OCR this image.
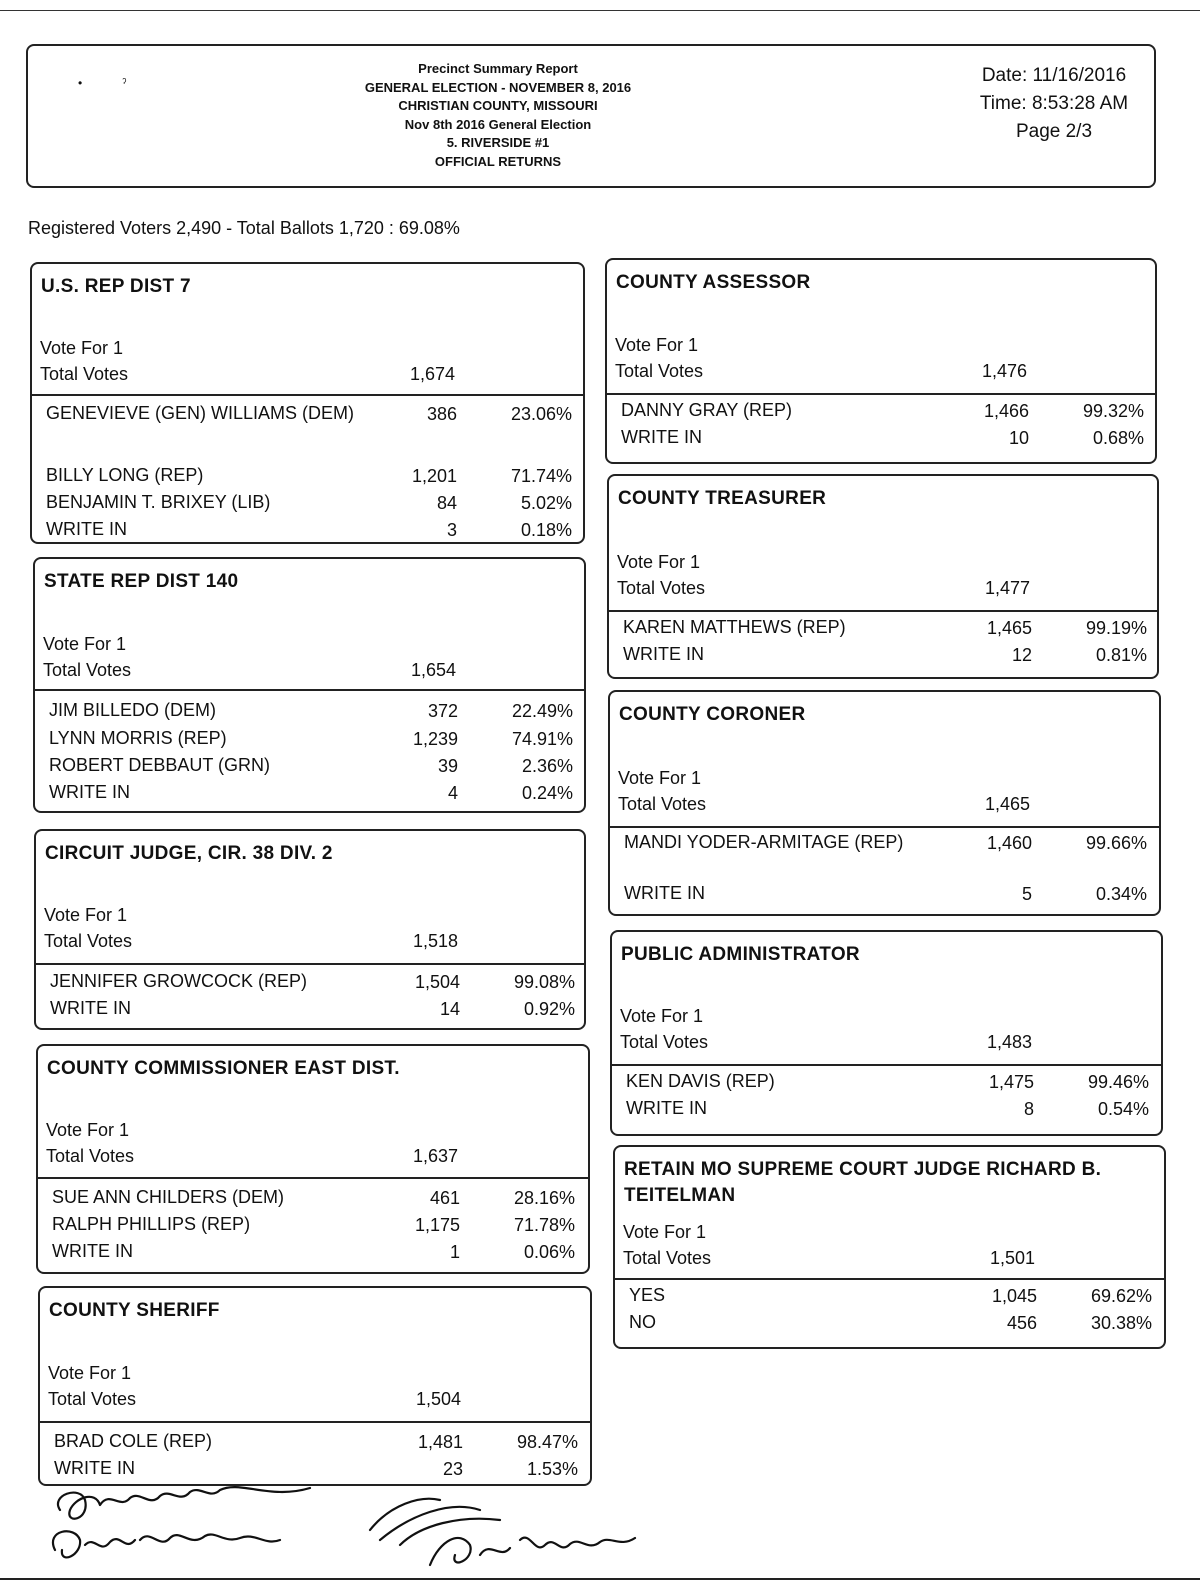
•            ˀ
Precinct Summary Report
GENERAL ELECTION - NOVEMBER 8, 2016
CHRISTIAN COUNTY, MISSOURI
Nov 8th 2016 General Election
5. RIVERSIDE #1
OFFICIAL RETURNS
Date: 11/16/2016
Time: 8:53:28 AM
Page 2/3
Registered Voters 2,490 - Total Ballots 1,720 : 69.08%
U.S. REP DIST 7
Vote For 1
Total Votes	1,674
GENEVIEVE (GEN) WILLIAMS (DEM)	386	23.06%
BILLY LONG (REP)	1,201	71.74%
BENJAMIN T. BRIXEY (LIB)	84	5.02%
WRITE IN	3	0.18%
STATE REP DIST 140
Vote For 1
Total Votes	1,654
JIM BILLEDO (DEM)	372	22.49%
LYNN MORRIS (REP)	1,239	74.91%
ROBERT DEBBAUT (GRN)	39	2.36%
WRITE IN	4	0.24%
CIRCUIT JUDGE, CIR. 38 DIV. 2
Vote For 1
Total Votes	1,518
JENNIFER GROWCOCK (REP)	1,504	99.08%
WRITE IN	14	0.92%
COUNTY COMMISSIONER EAST DIST.
Vote For 1
Total Votes	1,637
SUE ANN CHILDERS (DEM)	461	28.16%
RALPH PHILLIPS (REP)	1,175	71.78%
WRITE IN	1	0.06%
COUNTY SHERIFF
Vote For 1
Total Votes	1,504
BRAD COLE (REP)	1,481	98.47%
WRITE IN	23	1.53%
COUNTY ASSESSOR
Vote For 1
Total Votes	1,476
DANNY GRAY (REP)	1,466	99.32%
WRITE IN	10	0.68%
COUNTY TREASURER
Vote For 1
Total Votes	1,477
KAREN MATTHEWS (REP)	1,465	99.19%
WRITE IN	12	0.81%
COUNTY CORONER
Vote For 1
Total Votes	1,465
MANDI YODER-ARMITAGE (REP)	1,460	99.66%
WRITE IN	5	0.34%
PUBLIC ADMINISTRATOR
Vote For 1
Total Votes	1,483
KEN DAVIS (REP)	1,475	99.46%
WRITE IN	8	0.54%
RETAIN MO SUPREME COURT JUDGE RICHARD B. TEITELMAN
Vote For 1
Total Votes	1,501
YES	1,045	69.62%
NO	456	30.38%
